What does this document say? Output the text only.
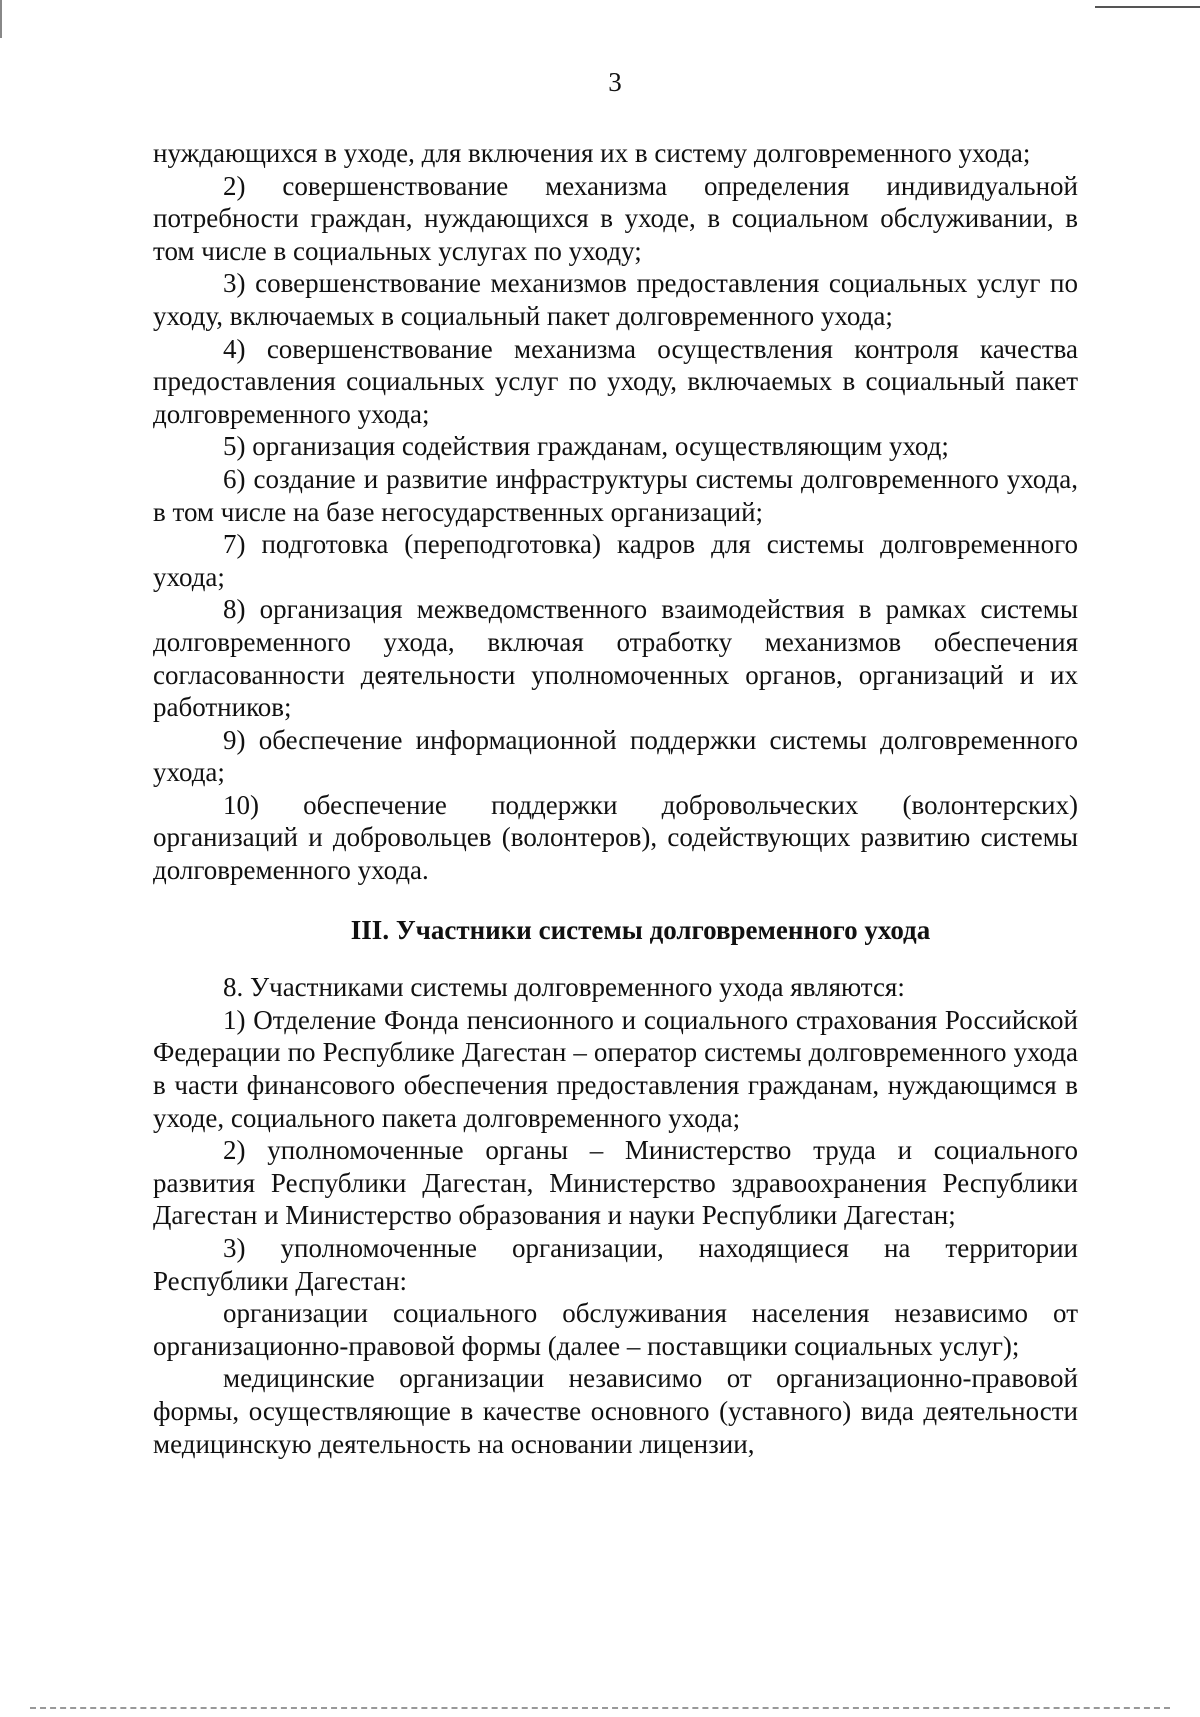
3

нуждающихся в уходе, для включения их в систему долговременного ухода;

2) совершенствование механизма определения индивидуальной потребности граждан, нуждающихся в уходе, в социальном обслуживании, в том числе в социальных услугах по уходу;

3) совершенствование механизмов предоставления социальных услуг по уходу, включаемых в социальный пакет долговременного ухода;

4) совершенствование механизма осуществления контроля качества предоставления социальных услуг по уходу, включаемых в социальный пакет долговременного ухода;

5) организация содействия гражданам, осуществляющим уход;

6) создание и развитие инфраструктуры системы долговременного ухода, в том числе на базе негосударственных организаций;

7) подготовка (переподготовка) кадров для системы долговременного ухода;

8) организация межведомственного взаимодействия в рамках системы долговременного ухода, включая отработку механизмов обеспечения согласованности деятельности уполномоченных органов, организаций и их работников;

9) обеспечение информационной поддержки системы долговременного ухода;

10) обеспечение поддержки добровольческих (волонтерских) организаций и добровольцев (волонтеров), содействующих развитию системы долговременного ухода.

III. Участники системы долговременного ухода

8. Участниками системы долговременного ухода являются:

1) Отделение Фонда пенсионного и социального страхования Российской Федерации по Республике Дагестан – оператор системы долговременного ухода в части финансового обеспечения предоставления гражданам, нуждающимся в уходе, социального пакета долговременного ухода;

2) уполномоченные органы – Министерство труда и социального развития Республики Дагестан, Министерство здравоохранения Республики Дагестан и Министерство образования и науки Республики Дагестан;

3) уполномоченные организации, находящиеся на территории Республики Дагестан:

организации социального обслуживания населения независимо от организационно-правовой формы (далее – поставщики социальных услуг);

медицинские организации независимо от организационно-правовой формы, осуществляющие в качестве основного (уставного) вида деятельности медицинскую деятельность на основании лицензии,
